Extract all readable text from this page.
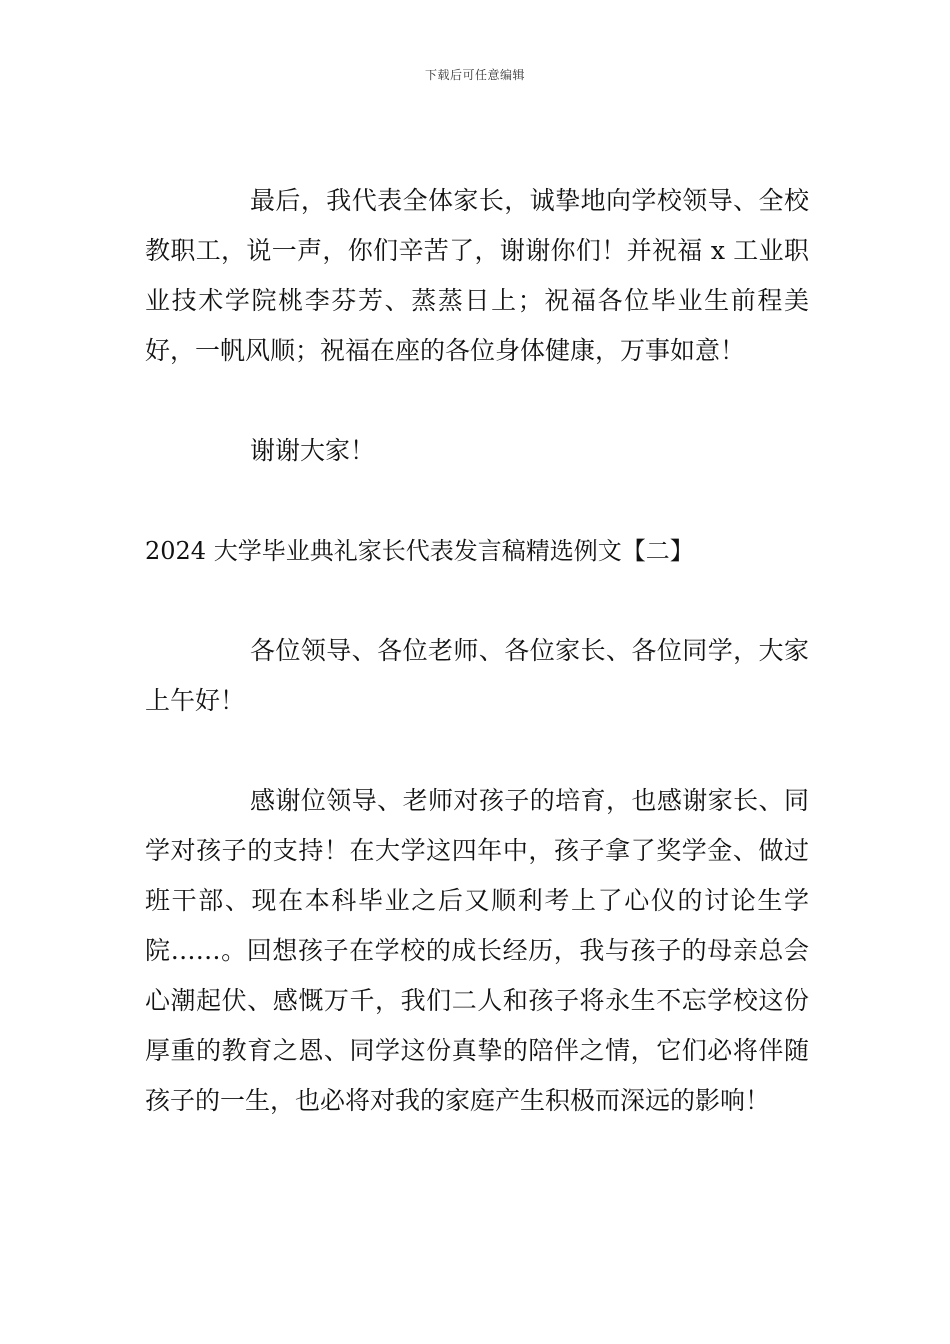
下载后可任意编辑

最后，我代表全体家长，诚挚地向学校领导、全校教职工，说一声，你们辛苦了，谢谢你们！并祝福 x 工业职业技术学院桃李芬芳、蒸蒸日上；祝福各位毕业生前程美好，一帆风顺；祝福在座的各位身体健康，万事如意！

谢谢大家！

2024 大学毕业典礼家长代表发言稿精选例文【二】

各位领导、各位老师、各位家长、各位同学，大家上午好！

感谢位领导、老师对孩子的培育，也感谢家长、同学对孩子的支持！在大学这四年中，孩子拿了奖学金、做过班干部、现在本科毕业之后又顺利考上了心仪的讨论生学院……。回想孩子在学校的成长经历，我与孩子的母亲总会心潮起伏、感慨万千，我们二人和孩子将永生不忘学校这份厚重的教育之恩、同学这份真挚的陪伴之情，它们必将伴随孩子的一生，也必将对我的家庭产生积极而深远的影响！
